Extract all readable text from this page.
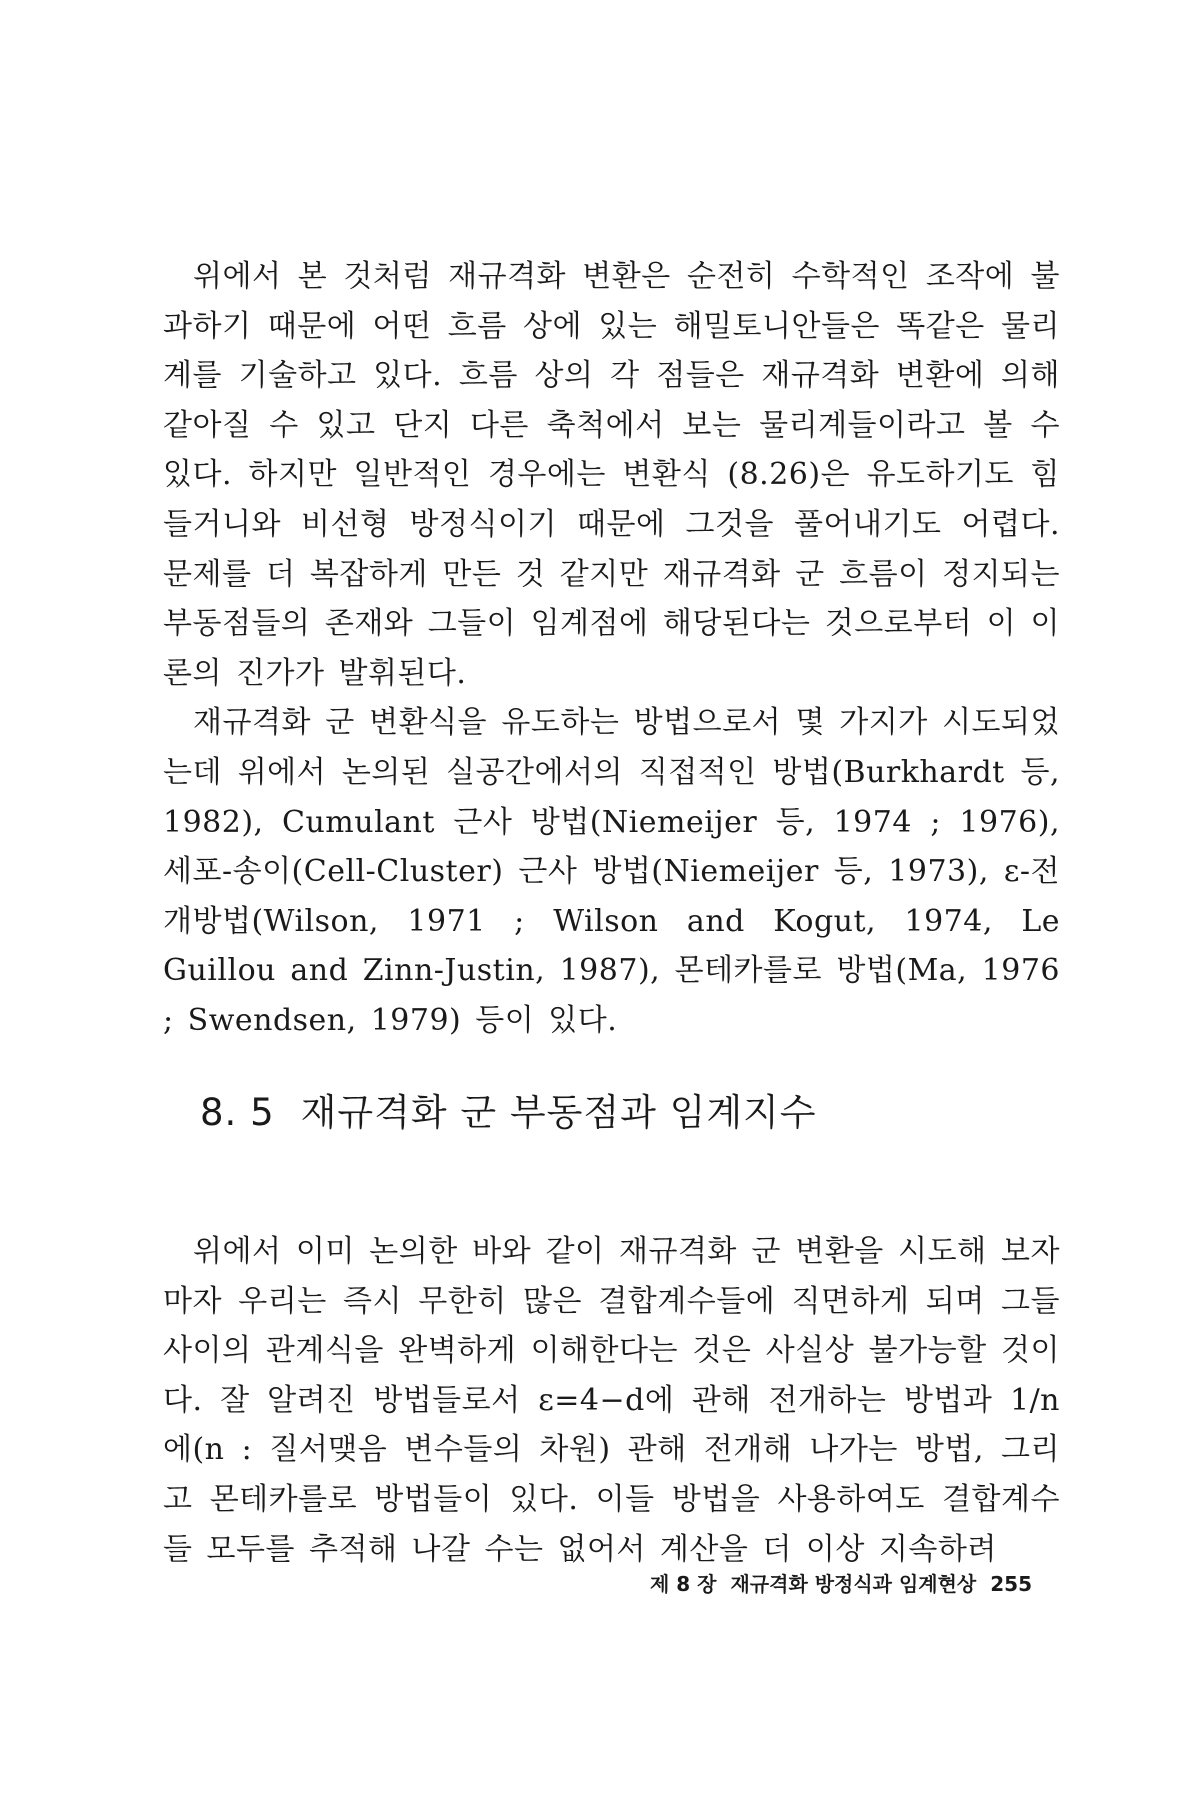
위에서 본 것처럼 재규격화 변환은 순전히 수학적인 조작에 불과하기 때문에 어떤 흐름 상에 있는 해밀토니안들은 똑같은 물리계를 기술하고 있다. 흐름 상의 각 점들은 재규격화 변환에 의해 같아질 수 있고 단지 다른 축척에서 보는 물리계들이라고 볼 수 있다. 하지만 일반적인 경우에는 변환식 (8.26)은 유도하기도 힘들거니와 비선형 방정식이기 때문에 그것을 풀어내기도 어렵다. 문제를 더 복잡하게 만든 것 같지만 재규격화 군 흐름이 정지되는 부동점들의 존재와 그들이 임계점에 해당된다는 것으로부터 이 이론의 진가가 발휘된다.

재규격화 군 변환식을 유도하는 방법으로서 몇 가지가 시도되었는데 위에서 논의된 실공간에서의 직접적인 방법(Burkhardt 등, 1982), Cumulant 근사 방법(Niemeijer 등, 1974 ; 1976), 세포-송이(Cell-Cluster) 근사 방법(Niemeijer 등, 1973), ε-전개방법(Wilson, 1971 ; Wilson and Kogut, 1974, Le Guillou and Zinn-Justin, 1987), 몬테카를로 방법(Ma, 1976 ; Swendsen, 1979) 등이 있다.

8. 5 재규격화 군 부동점과 임계지수

위에서 이미 논의한 바와 같이 재규격화 군 변환을 시도해 보자마자 우리는 즉시 무한히 많은 결합계수들에 직면하게 되며 그들 사이의 관계식을 완벽하게 이해한다는 것은 사실상 불가능할 것이다. 잘 알려진 방법들로서 ε=4−d에 관해 전개하는 방법과 1/n에(n : 질서맺음 변수들의 차원) 관해 전개해 나가는 방법, 그리고 몬테카를로 방법들이 있다. 이들 방법을 사용하여도 결합계수들 모두를 추적해 나갈 수는 없어서 계산을 더 이상 지속하려

제 8 장 재규격화 방정식과 임계현상 255
